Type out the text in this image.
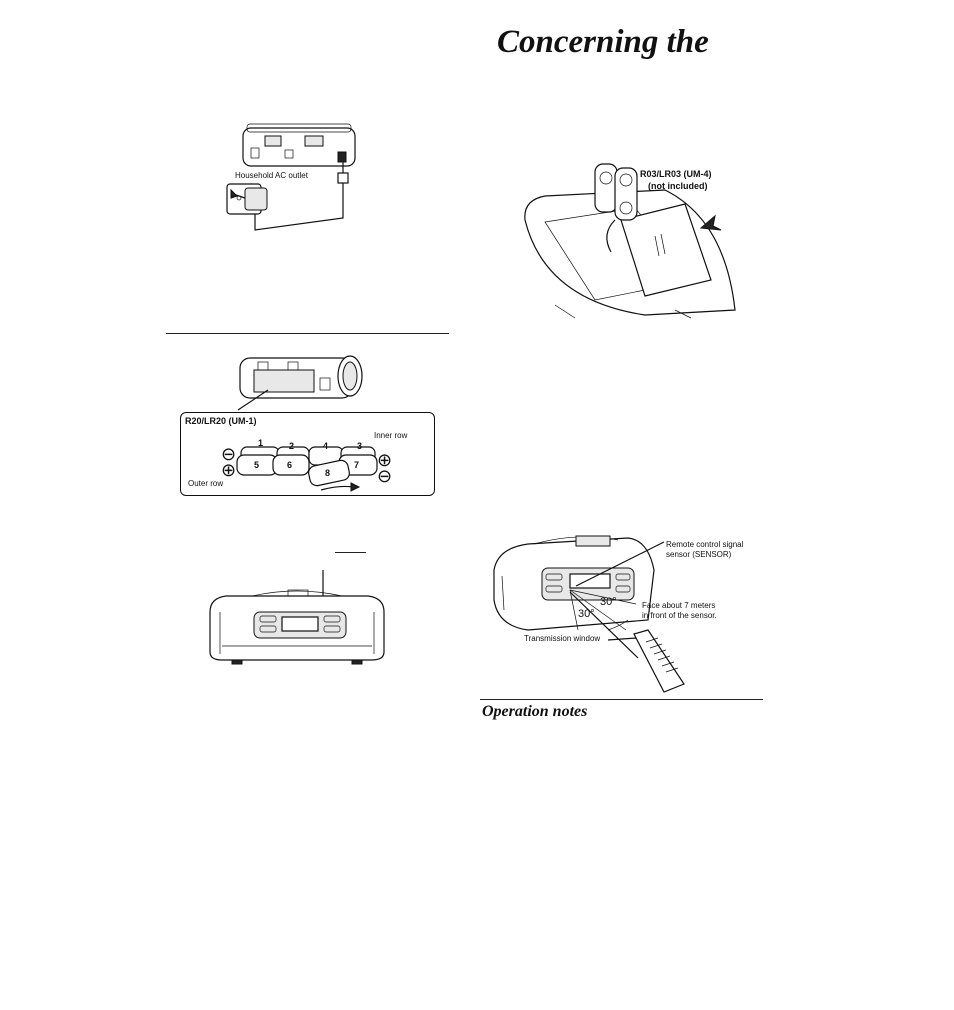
Concerning the
Household AC outlet
R20/LR20 (UM-1)
Inner row
Outer row
⊖
⊕	⊕
⊖
1	2	3
4
5	6	7
8
R03/LR03 (UM-4)
(not included)
Remote control signal
sensor (SENSOR)
Face about 7 meters
in front of the sensor.
30°
30°
Transmission window
Operation notes
